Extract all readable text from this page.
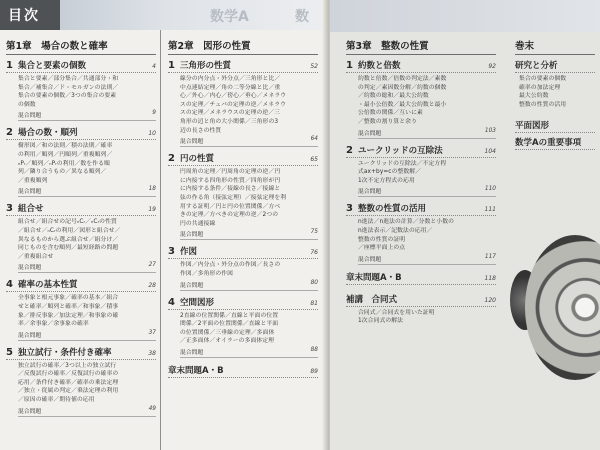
目次	数学A	数
第1章　場合の数と確率
1 集合と要素の個数	4
集合と要素／部分集合／共通部分・和
集合／補集合／ド・モルガンの法則／
集合の要素の個数／3つの集合の要素
の個数
混合問題	9
2 場合の数・順列	10
樹形図／和の法則／積の法則／確率
の利用／順列／円順列／重複順列／
ₙPᵣ／順列／ₙPᵣの利用／数を作る順
列／隣り合うもの／異なる順列／
／重複順列
混合問題	18
3 組合せ	19
組合せ／組合せの記号ₙCᵣ／ₙCᵣの性質
／組合せ／ₙCᵣの利用／図形と組合せ／
異なるものから選ぶ組合せ／組分け／
同じものを含む順列／最短経路の問題
／重複組合せ
混合問題	27
4 確率の基本性質	28
全事象と根元事象／確率の基本／組合
せと確率／順列と確率／和事象／積事
象／排反事象／加法定理／和事象の確
率／余事象／余事象の確率
混合問題	37
5 独立試行・条件付き確率	38
独立試行の確率／3つ以上の独立試行
／反復試行の確率／反復試行の確率の
応用／条件付き確率／確率の乗法定理
／独立・従属の判定／乗法定理の利用
／原因の確率／期待値の応用
混合問題	49
第2章　図形の性質
1 三角形の性質	52
線分の内分点・外分点／三角形と比／
中点連結定理／角の二等分線と比／重
心／外心／内心／傍心／垂心／メネラウ
スの定理／チェバの定理の逆／メネラウ
スの定理／メネラウスの定理の逆／三
角形の辺と角の大小関係／三角形の3
辺の長さの性質
混合問題	64
2 円の性質	65
円周角の定理／円周角の定理の逆／円
に内接する四角形の性質／四角形が円
に内接する条件／接線の長さ／接線と
弦の作る角（接弦定理）／接弦定理を利
用する証明／円と円の位置関係／方べ
きの定理／方べきの定理の逆／2つの
円の共通接線
混合問題	75
3 作図	76
作図／内分点・外分点の作図／長さの
作図／多角形の作図
混合問題	80
4 空間図形	81
2直線の位置関係／直線と平面の位置
関係／2平面の位置関係／直線と平面
の位置関係／三垂線の定理／多面体
／正多面体／オイラーの多面体定理
混合問題	88
章末問題A・B	89
第3章　整数の性質
1 約数と倍数	92
約数と倍数／倍数の判定法／素数
の判定／素因数分解／約数の個数
／約数の総和／最大公約数
・最小公倍数／最大公約数と最小
公倍数の関係／互いに素
／整数の割り算と余り
混合問題	103
2 ユークリッドの互除法	104
ユークリッドの互除法／不定方程
式ax+by=cの整数解／
1次不定方程式の応用
混合問題	110
3 整数の性質の活用	111
n進法／n進法の計算／分数と小数の
n進法表示／記数法の応用／
整数の性質の証明
／座標平面上の点
混合問題	117
章末問題A・B	118
補講　合同式	120
合同式／合同式を用いた証明
1次合同式の解法
巻末
研究と分析
集合の要素の個数
確率の加法定理
最大公約数
整数の性質の活用
平面図形
数学Aの重要事項
